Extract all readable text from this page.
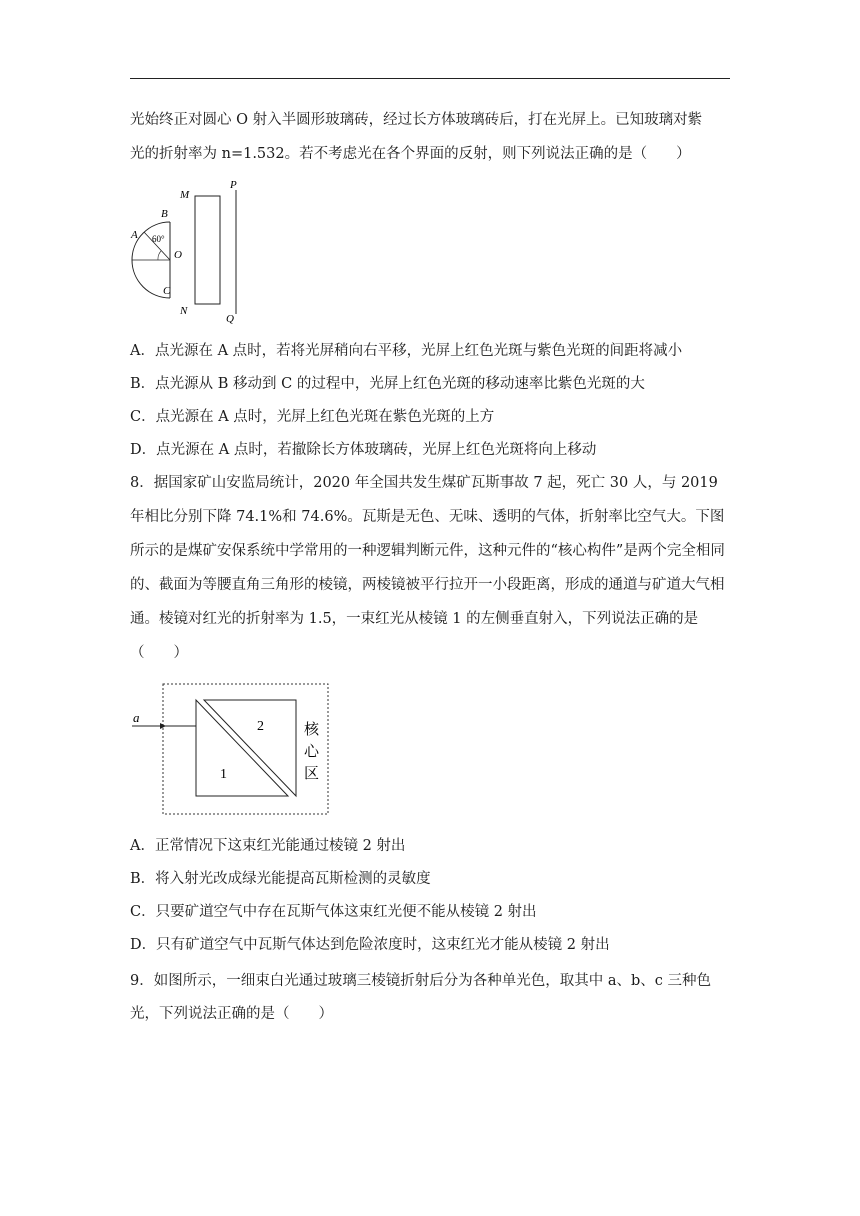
光始终正对圆心 O 射入半圆形玻璃砖，经过长方体玻璃砖后，打在光屏上。已知玻璃对紫
光的折射率为 n=1.532。若不考虑光在各个界面的反射，则下列说法正确的是（　　）
M
P
B
60°
A
O
C
N
Q
A．点光源在 A 点时，若将光屏稍向右平移，光屏上红色光斑与紫色光斑的间距将减小
B．点光源从 B 移动到 C 的过程中，光屏上红色光斑的移动速率比紫色光斑的大
C．点光源在 A 点时，光屏上红色光斑在紫色光斑的上方
D．点光源在 A 点时，若撤除长方体玻璃砖，光屏上红色光斑将向上移动
8．据国家矿山安监局统计，2020 年全国共发生煤矿瓦斯事故 7 起，死亡 30 人，与 2019 年相比分别下降 74.1%和 74.6%。瓦斯是无色、无味、透明的气体，折射率比空气大。下图所示的是煤矿安保系统中学常用的一种逻辑判断元件，这种元件的“核心构件”是两个完全相同的、截面为等腰直角三角形的棱镜，两棱镜被平行拉开一小段距离，形成的通道与矿道大气相通。棱镜对红光的折射率为 1.5，一束红光从棱镜 1 的左侧垂直射入，下列说法正确的是（　　）
a
1
2	核
心
区
A．正常情况下这束红光能通过棱镜 2 射出
B．将入射光改成绿光能提高瓦斯检测的灵敏度
C．只要矿道空气中存在瓦斯气体这束红光便不能从棱镜 2 射出
D．只有矿道空气中瓦斯气体达到危险浓度时，这束红光才能从棱镜 2 射出
9．如图所示，一细束白光通过玻璃三棱镜折射后分为各种单光色，取其中 a、b、c 三种色
光，下列说法正确的是（　　）
